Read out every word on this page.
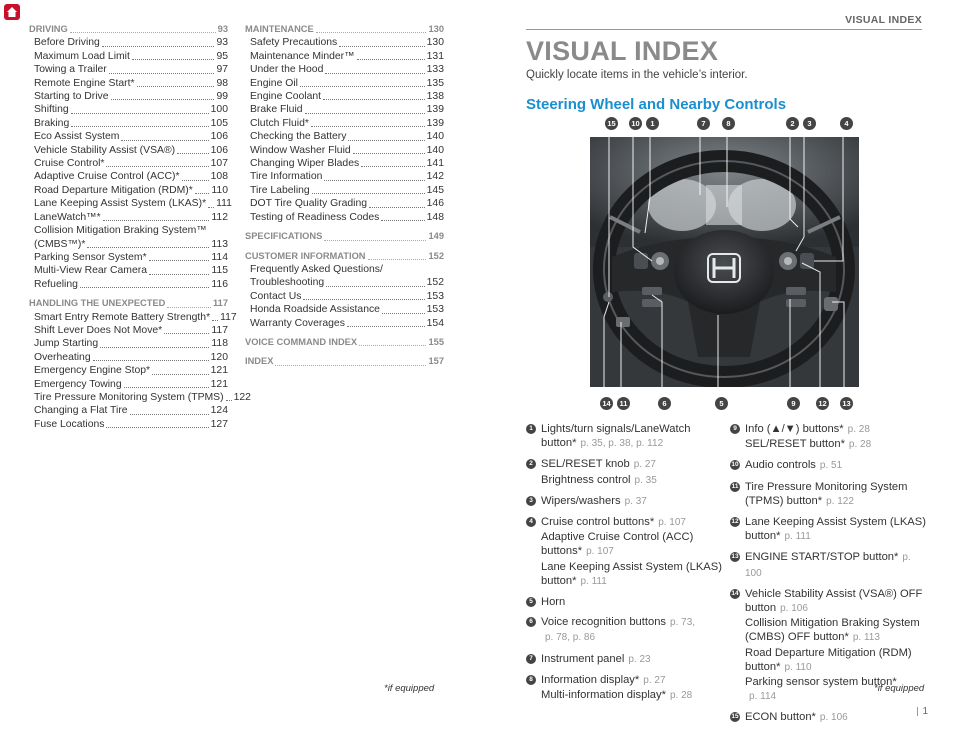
DRIVING	93
Before Driving	93
Maximum Load Limit	95
Towing a Trailer	97
Remote Engine Start*	98
Starting to Drive	99
Shifting	100
Braking	105
Eco Assist System	106
Vehicle Stability Assist (VSA®)	106
Cruise Control*	107
Adaptive Cruise Control (ACC)*	108
Road Departure Mitigation (RDM)* 110
Lane Keeping Assist System (LKAS)* 111
LaneWatch™*	112
Collision Mitigation Braking System™
(CMBS™)*	113
Parking Sensor System*	114
Multi-View Rear Camera	115
Refueling	116
HANDLING THE UNEXPECTED	117
Smart Entry Remote Battery Strength* 117
Shift Lever Does Not Move*	117
Jump Starting	118
Overheating	120
Emergency Engine Stop*	121
Emergency Towing	121
Tire Pressure Monitoring System (TPMS) 122
Changing a Flat Tire	124
Fuse Locations	127
MAINTENANCE	130
Safety Precautions	130
Maintenance Minder™	131
Under the Hood	133
Engine Oil	135
Engine Coolant	138
Brake Fluid	139
Clutch Fluid*	139
Checking the Battery	140
Window Washer Fluid	140
Changing Wiper Blades	141
Tire Information	142
Tire Labeling	145
DOT Tire Quality Grading	146
Testing of Readiness Codes	148
SPECIFICATIONS	149
CUSTOMER INFORMATION	152
Frequently Asked Questions/
Troubleshooting	152
Contact Us	153
Honda Roadside Assistance	153
Warranty Coverages	154
VOICE COMMAND INDEX	155
INDEX	157
*if equipped
VISUAL INDEX
VISUAL INDEX
Quickly locate items in the vehicle’s interior.
Steering Wheel and Nearby Controls
15	10	1	7	8	2	3	4
14	11	6	5	9	12	13
1 Lights/turn signals/LaneWatch
button* p. 35, p. 38, p. 112
2 SEL/RESET knob p. 27
Brightness control p. 35
3 Wipers/washers p. 37
4 Cruise control buttons* p. 107
Adaptive Cruise Control (ACC)
buttons* p. 107
Lane Keeping Assist System (LKAS)
button* p. 111
5 Horn
6 Voice recognition buttons p. 73,
p. 78, p. 86
7 Instrument panel p. 23
8 Information display* p. 27
Multi-information display* p. 28
9 Info (▲/▼) buttons* p. 28
SEL/RESET button* p. 28
10 Audio controls p. 51
11 Tire Pressure Monitoring System
(TPMS) button* p. 122
12 Lane Keeping Assist System (LKAS)
button* p. 111
13 ENGINE START/STOP button* p. 100
14 Vehicle Stability Assist (VSA®) OFF
button p. 106
Collision Mitigation Braking System
(CMBS) OFF button* p. 113
Road Departure Mitigation (RDM)
button* p. 110
Parking sensor system button*
p. 114
15 ECON button* p. 106
*if equipped
1
